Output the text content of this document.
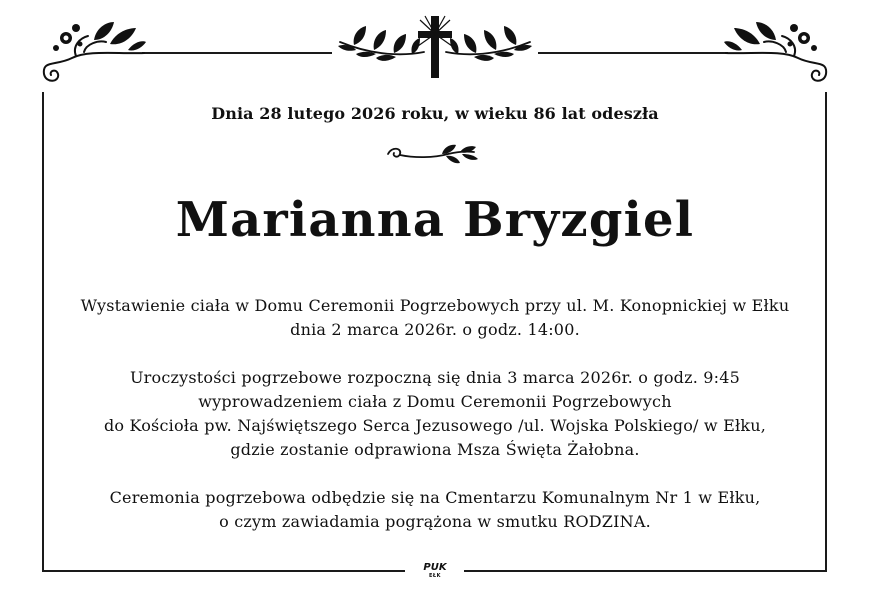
Dnia 28 lutego 2026 roku, w wieku 86 lat odeszła
Marianna Bryzgiel
Wystawienie ciała w Domu Ceremonii Pogrzebowych przy ul. M. Konopnickiej w Ełku
dnia 2 marca 2026r. o godz. 14:00.
Uroczystości pogrzebowe rozpoczną się dnia 3 marca 2026r. o godz. 9:45
wyprowadzeniem ciała z Domu Ceremonii Pogrzebowych
do Kościoła pw. Najświętszego Serca Jezusowego /ul. Wojska Polskiego/ w Ełku,
gdzie zostanie odprawiona Msza Święta Żałobna.
Ceremonia pogrzebowa odbędzie się na Cmentarzu Komunalnym Nr 1 w Ełku,
o czym zawiadamia pogrążona w smutku RODZINA.
PUK
EŁK
